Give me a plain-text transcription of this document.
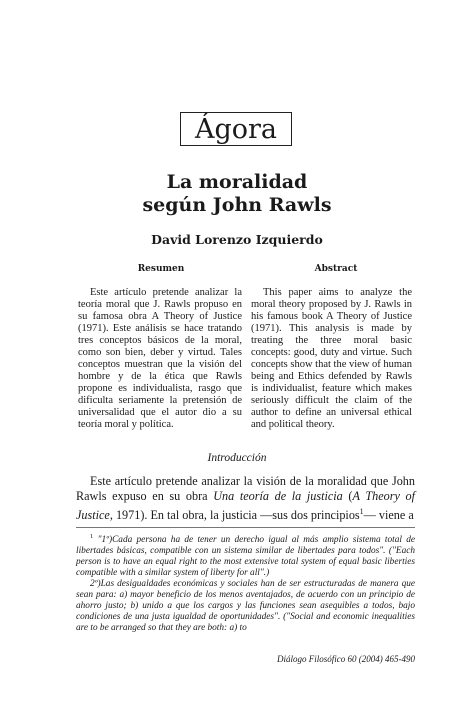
Ágora
La moralidad
según John Rawls
David Lorenzo Izquierdo
Resumen	Abstract
Este artículo pretende analizar la teoría moral que J. Rawls propuso en su famosa obra A Theory of Justice (1971). Este análisis se hace tratando tres conceptos básicos de la moral, como son bien, deber y virtud. Tales conceptos muestran que la visión del hombre y de la ética que Rawls propone es individualista, rasgo que dificulta seriamente la pretensión de universalidad que el autor dio a su teoría moral y política.
This paper aims to analyze the moral theory proposed by J. Rawls in his famous book A Theory of Justice (1971). This analysis is made by treating the three moral basic concepts: good, duty and virtue. Such concepts show that the view of human being and Ethics defended by Rawls is individualist, feature which makes seriously difficult the claim of the author to define an universal ethical and political theory.
Introducción
Este artículo pretende analizar la visión de la moralidad que John Rawls expuso en su obra Una teoría de la justicia (A Theory of Justice, 1971). En tal obra, la justicia —sus dos principios$^1$— viene a

$^1$ "1º)Cada persona ha de tener un derecho igual al más amplio sistema total de libertades básicas, compatible con un sistema similar de libertades para todos". ("Each person is to have an equal right to the most extensive total system of equal basic liberties compatible with a similar system of liberty for all".)

2º)Las desigualdades económicas y sociales han de ser estructuradas de manera que sean para: a) mayor beneficio de los menos aventajados, de acuerdo con un principio de ahorro justo; b) unido a que los cargos y las funciones sean asequibles a todos, bajo condiciones de una justa igualdad de oportunidades". ("Social and economic inequalities are to be arranged so that they are both: a) to

Diálogo Filosófico 60 (2004) 465-490
